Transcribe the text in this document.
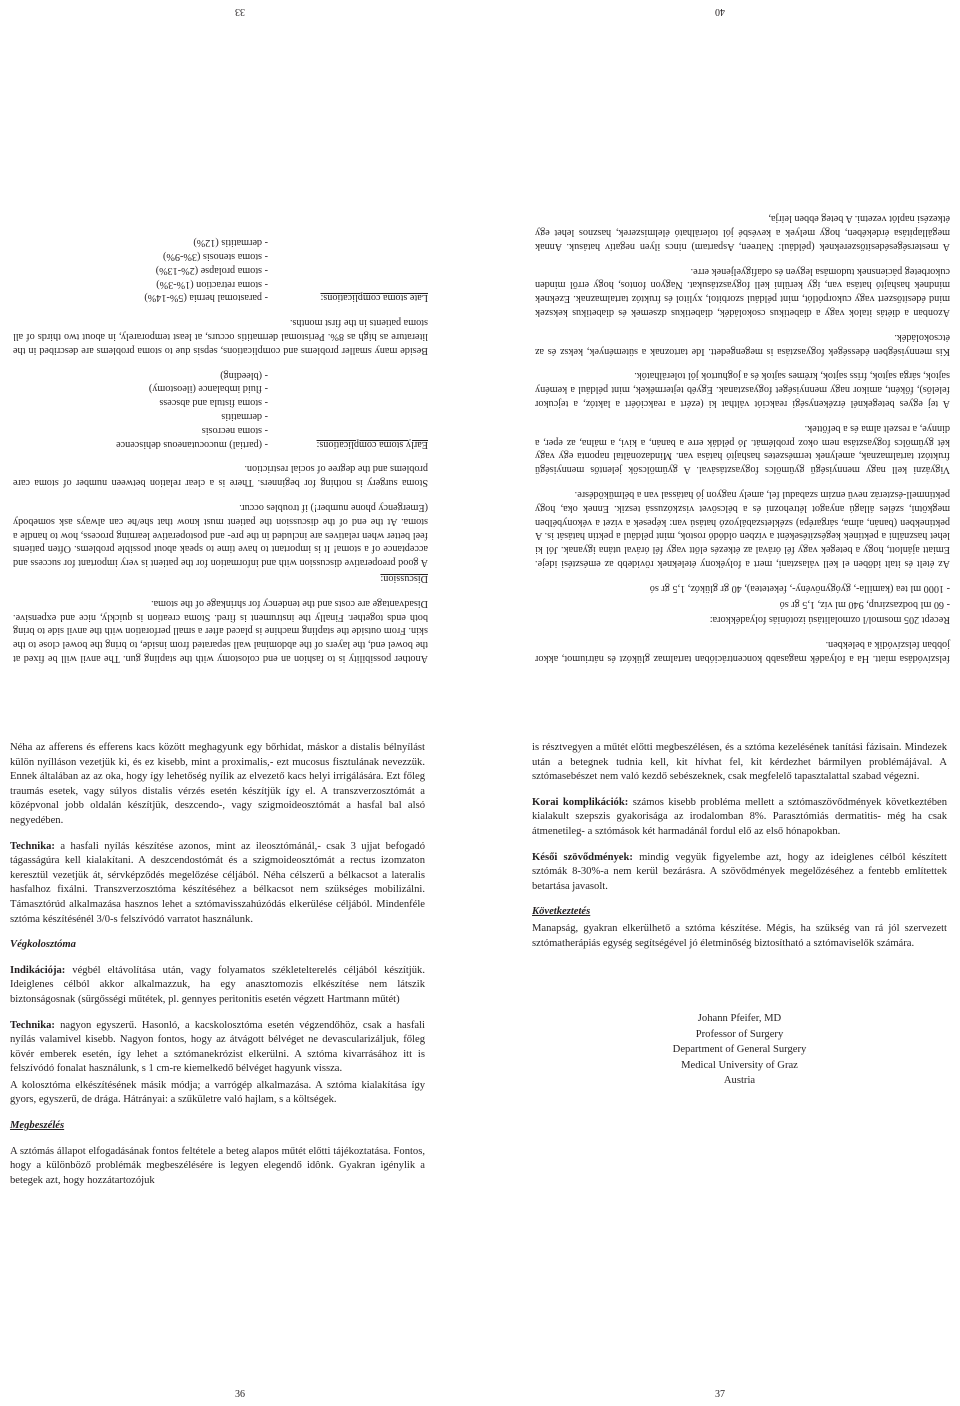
felszívódása miatt. Ha a folyadék magasabb koncentrációban tartalmaz glükózt és nátriumot, akkor jobban felszívódik a belekben.

Recept 205 mosmol/l ozmolalitású izotóniás folyadékkora:

- 60 ml bodzaszirup, 940 ml víz, 1,5 gr só

- 1000 ml tea (kamilla-, gyógynövény-, feketetea), 40 gr glükóz, 1,5 gr só

Az ételt és italt időben el kell választani, mert a folyékony ételeknek rövidebb az emésztési ideje. Emiatt ajánlott, hogy a betegek vagy fél órával az étkezés előtt vagy fél órával utána igyanak. Jól ki lehet használni a pektinek kegészítéseként a vízben oldódó rostok, mint például a pektin hatását is. A pektinekben (banán, alma, sárgarépa) székletszabályozó hatású van: képesek a vizet a vékonybélben megkötni, széles állagú anyagot létrehozni és a bélcsövet viszkózussá teszik. Ennek oka, hogy pektinmell-észteráz nevű enzim szabadul fel, amely nagyon jó hatással van a bélműködésre.

Vigyázni kell nagy mennyiségű gyümölcs fogyasztásával. A gyümölcsök jelentős mennyiségű fruktózt tartalmaznak, amelynek természetes hashajtó hatása van. Mindazonáltal naponta egy vagy két gyümölcs fogyasztása nem okoz problémát. Jó példák erre a banán, a kivi, a málna, az eper, a dinnye, a reszelt alma és a befőttek.

A tej egyes betegeknél érzékenységi reakciót válthat ki (ezért a reakcióért a laktóz, a tejcukor felelős), főként, amikor nagy mennyiséget fogyasztanak. Egyéb tejtermékek, mint például a kemény sajtok, sárga sajtok, friss sajtok, krémes sajtok és a joghurtok jól tolerálhatók.

Kis mennyiségben édességek fogyasztása is megengedett. Ide tartoznak a sütemények, keksz és az étcsokoládék.

Azonban a diétás italok vagy a diabetikus csokoládék, diabetikus dzsemek és diabetikus kekszek mind édesítőszert vagy cukorpótlót, mint például szorbitol, xylitol és fruktóz tartalmaznak. Ezeknek mindnek hashajtó hatása van, így kerülni kell fogyasztásukat. Nagyon fontos, hogy erről minden cukorbeteg páciensnek tudomása legyen és odafigyeljenek erre.

A mesterségesédesítőszereknek (például: Natreen, Aspartam) nincs ilyen negatív hatásuk. Annak megállapítása érdekében, hogy melyek a kevésbé jól tolerálható élelmiszerek, hasznos lehet egy étkezési naplót vezetni. A beteg ebben leírja,

40

Another possibility is to fashion an end colostomy with the stapling gun. The anvil will be fixed at the bowel end, the layers of the abdominal wall separated from inside, to bring the bowel close to the skin. From outside the stapling machine is placed after a small perforation with the anvil side to bring both ends together. Finally the instrument is fired. Stoma creation is quickly, nice and expensive. Disadvantage are costs and the tendency for shrinkage of the stoma.

Discussion:

A good preoperative discussion with and information for the patient is very important for success and acceptance of a stoma! It is important to have time to speak about possible problems. Often patients feel better when relatives are included in the pre- and postoperative learning process, how to handle a stoma. At the end of the discussion the patient must know that she/he can always ask somebody (Emergency phone number!) if troubles occur.

Stoma surgery is nothing for beginners. There is a clear relation between number of stoma care problems and the degree of social restriction.

Early stoma complications:- (partial) mucocutaneous dehiscence
- stoma necrosis
- dermatitis
- stoma fistula and abscess
- fluid imbalance (ileostomy)
- (bleeding)

Beside many smaller problems and complications, sepsis due to stoma problems are described in the literature as high as 8%. Peristomal dermatitis occurs, at least temporarely, in about two thirds of all stoma patients in the first months.

Late stoma complications:- parastomal hernia (5%-14%)
- stoma retraction (1%-3%)
- stoma prolapse (2%-13%)
- stoma stenosis (3%-9%)
- dermatitis (12%)
33

Néha az afferens és efferens kacs között meghagyunk egy bőrhidat, máskor a distalis bélnyílást külön nyílláson vezetjük ki, és ez kisebb, mint a proximalis,- ezt mucosus fisztulának nevezzük. Ennek általában az az oka, hogy így lehetőség nyílik az elvezető kacs helyi irrigálására. Ezt főleg traumás esetek, vagy súlyos distalis vérzés esetén készítjük így el. A transzverzosztómát a középvonal jobb oldalán készítjük, deszcendo-, vagy szigmoideosztómát a hasfal bal alsó negyedében.

Technika: a hasfali nyílás készítése azonos, mint az ileosztómánál,- csak 3 ujjat befogadó tágasságúra kell kialakítani. A deszcendostómát és a szigmoideosztómát a rectus izomzaton keresztül vezetjük át, sérvképződés megelőzése céljából. Néha célszerű a bélkacsot a lateralis hasfalhoz fixálni. Transzverzosztóma készítéséhez a bélkacsot nem szükséges mobilizálni. Támasztórúd alkalmazása hasznos lehet a sztómavisszahúzódás elkerülése céljából. Mindenféle sztóma készítésénél 3/0-s felszívódó varratot használunk.

Végkolosztóma

Indikációja: végbél eltávolítása után, vagy folyamatos székletelterelés céljából készítjük. Ideiglenes célból akkor alkalmazzuk, ha egy anasztomozis elkészítése nem látszik biztonságosnak (sürgősségi műtétek, pl. gennyes peritonitis esetén végzett Hartmann műtét)

Technika: nagyon egyszerű. Hasonló, a kacskolosztóma esetén végzendőhöz, csak a hasfali nyílás valamivel kisebb. Nagyon fontos, hogy az átvágott bélvéget ne devascularizáljuk, főleg kövér emberek esetén, így lehet a sztómanekrózist elkerülni. A sztóma kivarrásához itt is felszívódó fonalat használunk, s 1 cm-re kiemelkedő bélvéget hagyunk vissza.

A kolosztóma elkészítésének másik módja; a varrógép alkalmazása. A sztóma kialakítása így gyors, egyszerű, de drága. Hátrányai: a szűkületre való hajlam, s a költségek.

Megbeszélés

A sztómás állapot elfogadásának fontos feltétele a beteg alapos műtét előtti tájékoztatása. Fontos, hogy a különböző problémák megbeszélésére is legyen elegendő idônk. Gyakran igénylik a betegek azt, hogy hozzátartozójuk

36

is résztvegyen a műtét előtti megbeszélésen, és a sztóma kezelésének tanítási fázisain. Mindezek után a betegnek tudnia kell, kit hívhat fel, kit kérdezhet bármilyen problémájával. A sztómasebészet nem való kezdő sebészeknek, csak megfelelő tapasztalattal szabad végezni.

Korai komplikációk: számos kisebb probléma mellett a sztómaszövődmények következtében kialakult szepszis gyakorisága az irodalomban 8%. Parasztómiás dermatitis- még ha csak átmenetileg- a sztómások két harmadánál fordul elő az első hónapokban.

Késői szövődmények: mindig vegyük figyelembe azt, hogy az ideiglenes célból készített sztómák 8-30%-a nem kerül bezárásra. A szövődmények megelőzéséhez a fentebb említettek betartása javasolt.

Következtetés

Manapság, gyakran elkerülhető a sztóma készítése. Mégis, ha szükség van rá jól szervezett sztómatherápiás egység segítségével jó életminőség biztosítható a sztómaviselők számára.

Johann Pfeifer, MD
Professor of Surgery
Department of General Surgery
Medical University of Graz
Austria
37
